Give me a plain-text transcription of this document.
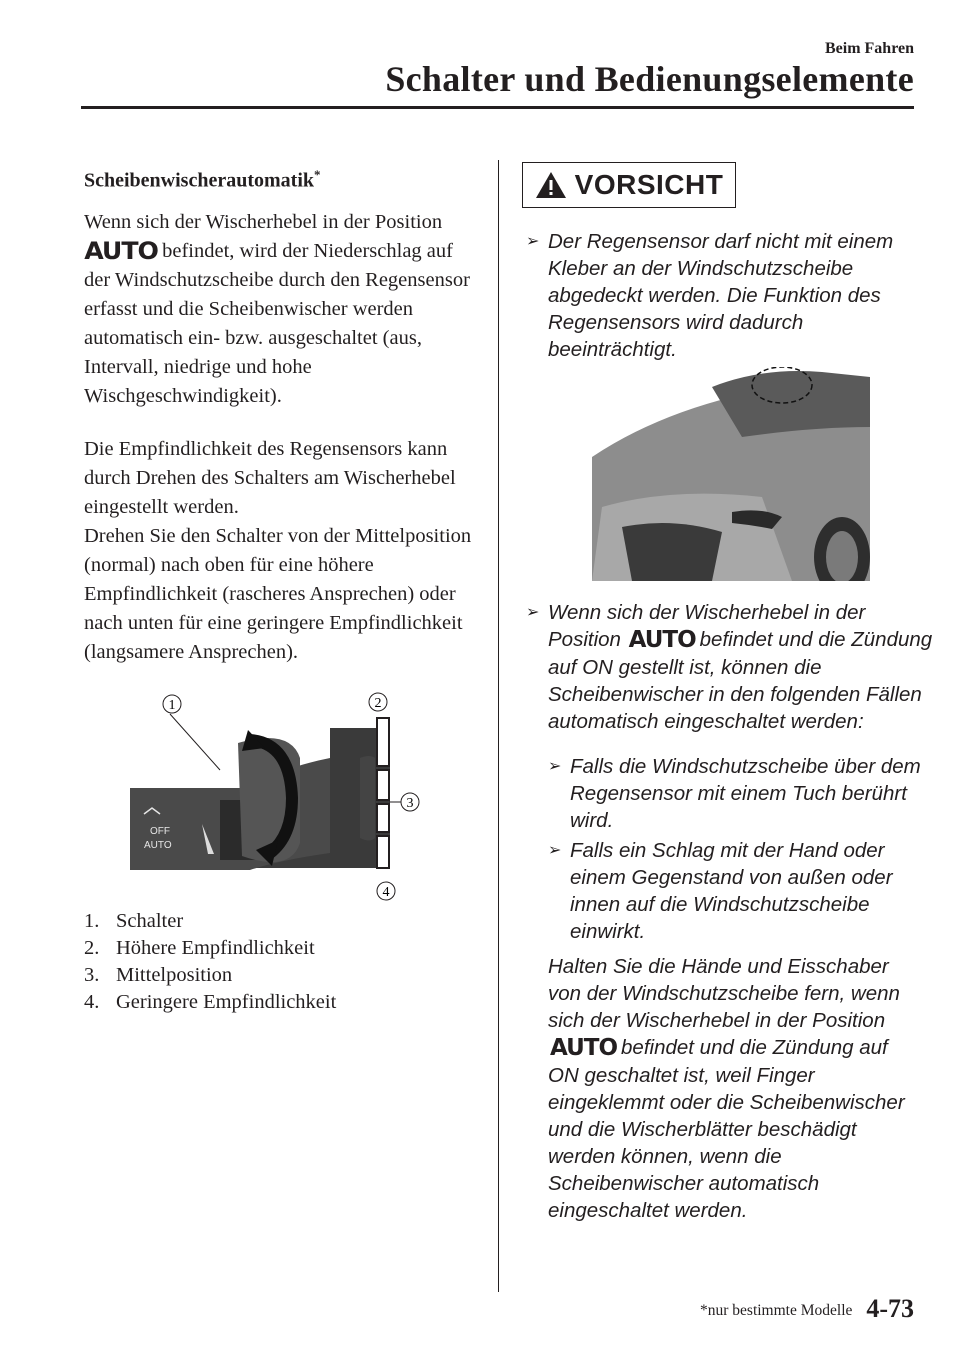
Beim Fahren
Schalter und Bedienungselemente
Scheibenwischerautomatik*

Wenn sich der Wischerhebel in der Position AUTO befindet, wird der Niederschlag auf der Windschutzscheibe durch den Regensensor erfasst und die Scheibenwischer werden automatisch ein- bzw. ausgeschaltet (aus, Intervall, niedrige und hohe Wischgeschwindigkeit).

Die Empfindlichkeit des Regensensors kann durch Drehen des Schalters am Wischerhebel eingestellt werden.

Drehen Sie den Schalter von der Mittelposition (normal) nach oben für eine höhere Empfindlichkeit (rascheres Ansprechen) oder nach unten für eine geringere Empfindlichkeit (langsamere Ansprechen).

OFF
AUTO
1	2
3
4
1. Schalter
2. Höhere Empfindlichkeit
3. Mittelposition
4. Geringere Empfindlichkeit
VORSICHT
➢ Der Regensensor darf nicht mit einem Kleber an der Windschutzscheibe abgedeckt werden. Die Funktion des Regensensors wird dadurch beeinträchtigt.
➢ Wenn sich der Wischerhebel in der Position AUTO befindet und die Zündung auf ON gestellt ist, können die Scheibenwischer in den folgenden Fällen automatisch eingeschaltet werden:
➢ Falls die Windschutzscheibe über dem Regensensor mit einem Tuch berührt wird.
➢ Falls ein Schlag mit der Hand oder einem Gegenstand von außen oder innen auf die Windschutzscheibe einwirkt.
Halten Sie die Hände und Eisschaber von der Windschutzscheibe fern, wenn sich der Wischerhebel in der Position AUTO befindet und die Zündung auf ON geschaltet ist, weil Finger eingeklemmt oder die Scheibenwischer und die Wischerblätter beschädigt werden können, wenn die Scheibenwischer automatisch eingeschaltet werden.
*nur bestimmte Modelle 4-73
